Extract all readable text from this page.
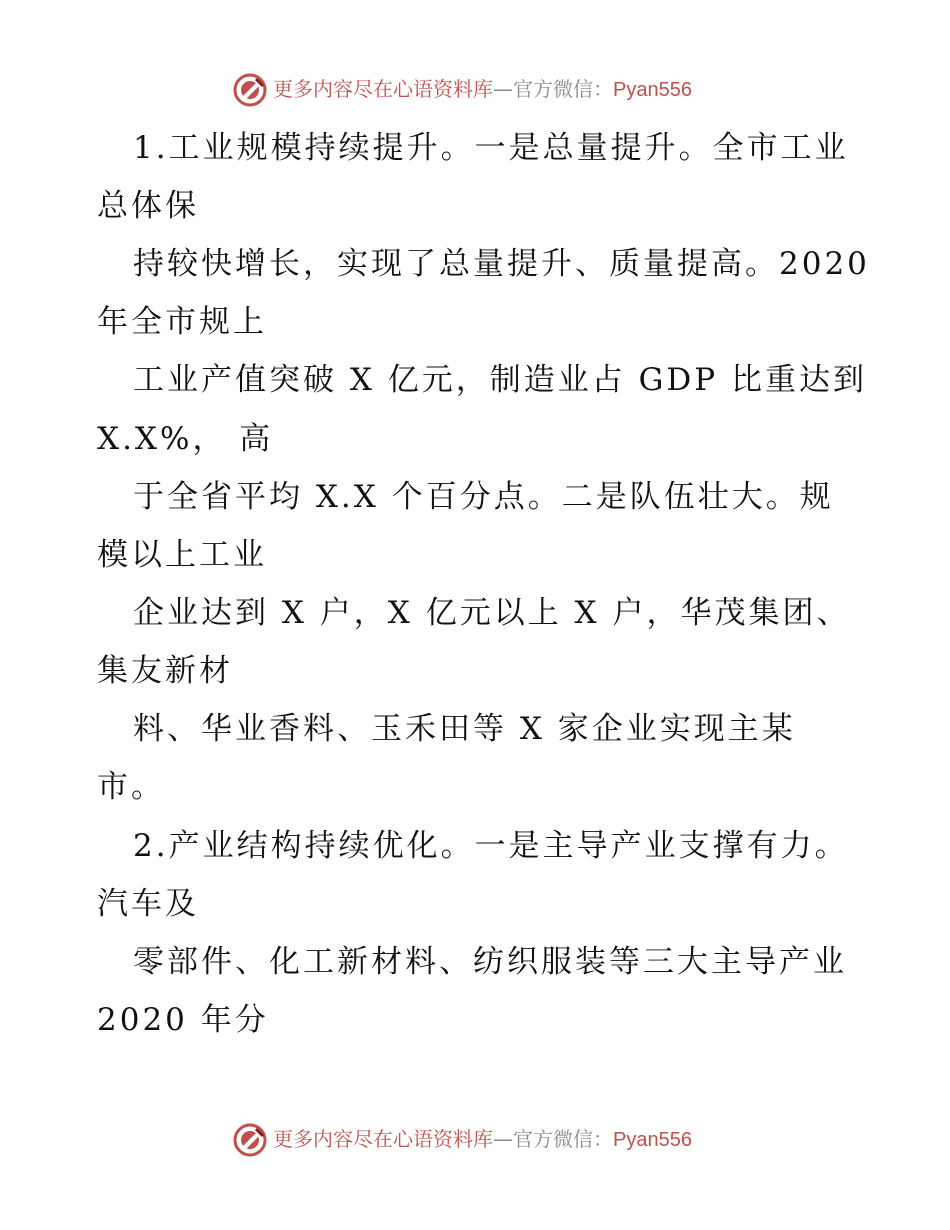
更多内容尽在心语资料库—官方微信：Pyan556
1.工业规模持续提升。一是总量提升。全市工业
总体保
持较快增长，实现了总量提升、质量提高。2020
年全市规上
工业产值突破 X 亿元，制造业占 GDP 比重达到
X.X%， 高
于全省平均 X.X 个百分点。二是队伍壮大。规
模以上工业
企业达到 X 户，X 亿元以上 X 户，华茂集团、
集友新材
料、华业香料、玉禾田等 X 家企业实现主某
市。
2.产业结构持续优化。一是主导产业支撑有力。
汽车及
零部件、化工新材料、纺织服装等三大主导产业
2020 年分
更多内容尽在心语资料库—官方微信：Pyan556
